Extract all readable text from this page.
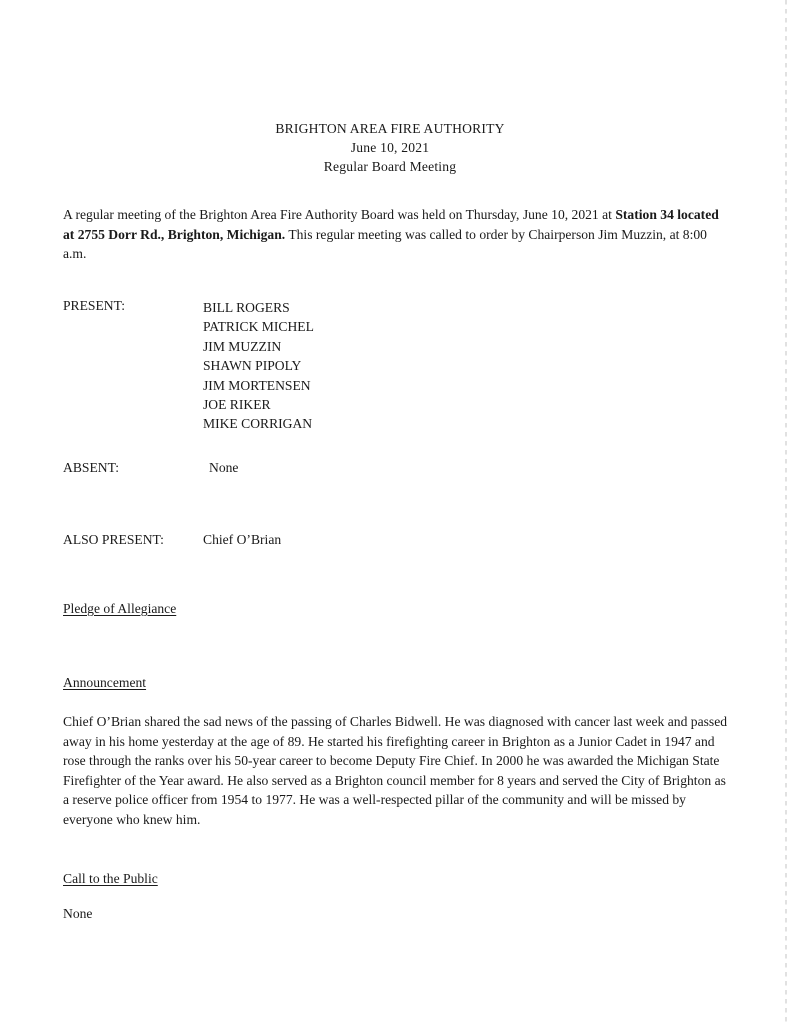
BRIGHTON AREA FIRE AUTHORITY
June 10, 2021
Regular Board Meeting
A regular meeting of the Brighton Area Fire Authority Board was held on Thursday, June 10, 2021 at Station 34 located at 2755 Dorr Rd., Brighton, Michigan. This regular meeting was called to order by Chairperson Jim Muzzin, at 8:00 a.m.
PRESENT:	BILL ROGERS
PATRICK MICHEL
JIM MUZZIN
SHAWN PIPOLY
JIM MORTENSEN
JOE RIKER
MIKE CORRIGAN
ABSENT:	None
ALSO PRESENT:	Chief O’Brian
Pledge of Allegiance
Announcement
Chief O’Brian shared the sad news of the passing of Charles Bidwell. He was diagnosed with cancer last week and passed away in his home yesterday at the age of 89. He started his firefighting career in Brighton as a Junior Cadet in 1947 and rose through the ranks over his 50-year career to become Deputy Fire Chief. In 2000 he was awarded the Michigan State Firefighter of the Year award. He also served as a Brighton council member for 8 years and served the City of Brighton as a reserve police officer from 1954 to 1977. He was a well-respected pillar of the community and will be missed by everyone who knew him.
Call to the Public
None
